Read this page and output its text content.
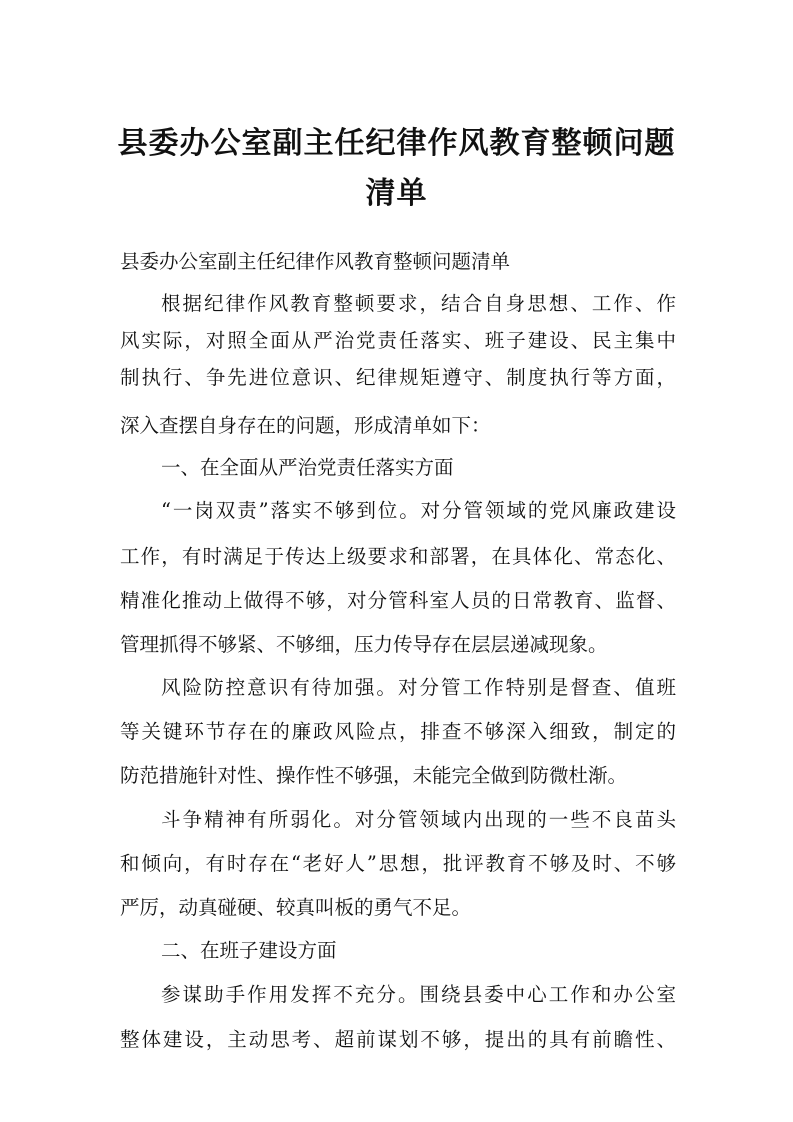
县委办公室副主任纪律作风教育整顿问题
清单
县委办公室副主任纪律作风教育整顿问题清单
根据纪律作风教育整顿要求，结合自身思想、工作、作
风实际，对照全面从严治党责任落实、班子建设、民主集中
制执行、争先进位意识、纪律规矩遵守、制度执行等方面，
深入查摆自身存在的问题，形成清单如下：
一、在全面从严治党责任落实方面
“一岗双责”落实不够到位。对分管领域的党风廉政建设
工作，有时满足于传达上级要求和部署，在具体化、常态化、
精准化推动上做得不够，对分管科室人员的日常教育、监督、
管理抓得不够紧、不够细，压力传导存在层层递减现象。
风险防控意识有待加强。对分管工作特别是督查、值班
等关键环节存在的廉政风险点，排查不够深入细致，制定的
防范措施针对性、操作性不够强，未能完全做到防微杜渐。
斗争精神有所弱化。对分管领域内出现的一些不良苗头
和倾向，有时存在“老好人”思想，批评教育不够及时、不够
严厉，动真碰硬、较真叫板的勇气不足。
二、在班子建设方面
参谋助手作用发挥不充分。围绕县委中心工作和办公室
整体建设，主动思考、超前谋划不够，提出的具有前瞻性、
